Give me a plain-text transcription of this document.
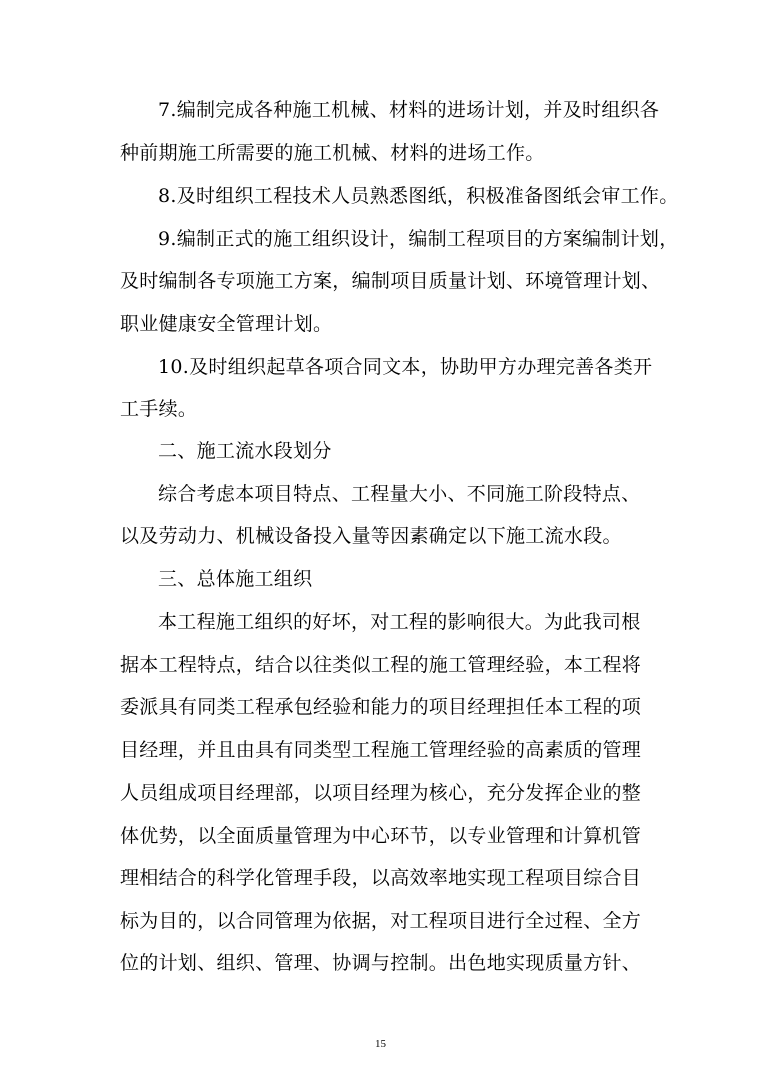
7.编制完成各种施工机械、材料的进场计划，并及时组织各
种前期施工所需要的施工机械、材料的进场工作。
8.及时组织工程技术人员熟悉图纸，积极准备图纸会审工作。
9.编制正式的施工组织设计，编制工程项目的方案编制计划，
及时编制各专项施工方案，编制项目质量计划、环境管理计划、
职业健康安全管理计划。
10.及时组织起草各项合同文本，协助甲方办理完善各类开
工手续。
二、施工流水段划分
综合考虑本项目特点、工程量大小、不同施工阶段特点、
以及劳动力、机械设备投入量等因素确定以下施工流水段。
三、总体施工组织
本工程施工组织的好坏，对工程的影响很大。为此我司根
据本工程特点，结合以往类似工程的施工管理经验，本工程将
委派具有同类工程承包经验和能力的项目经理担任本工程的项
目经理，并且由具有同类型工程施工管理经验的高素质的管理
人员组成项目经理部，以项目经理为核心，充分发挥企业的整
体优势，以全面质量管理为中心环节，以专业管理和计算机管
理相结合的科学化管理手段，以高效率地实现工程项目综合目
标为目的，以合同管理为依据，对工程项目进行全过程、全方
位的计划、组织、管理、协调与控制。出色地实现质量方针、
15
